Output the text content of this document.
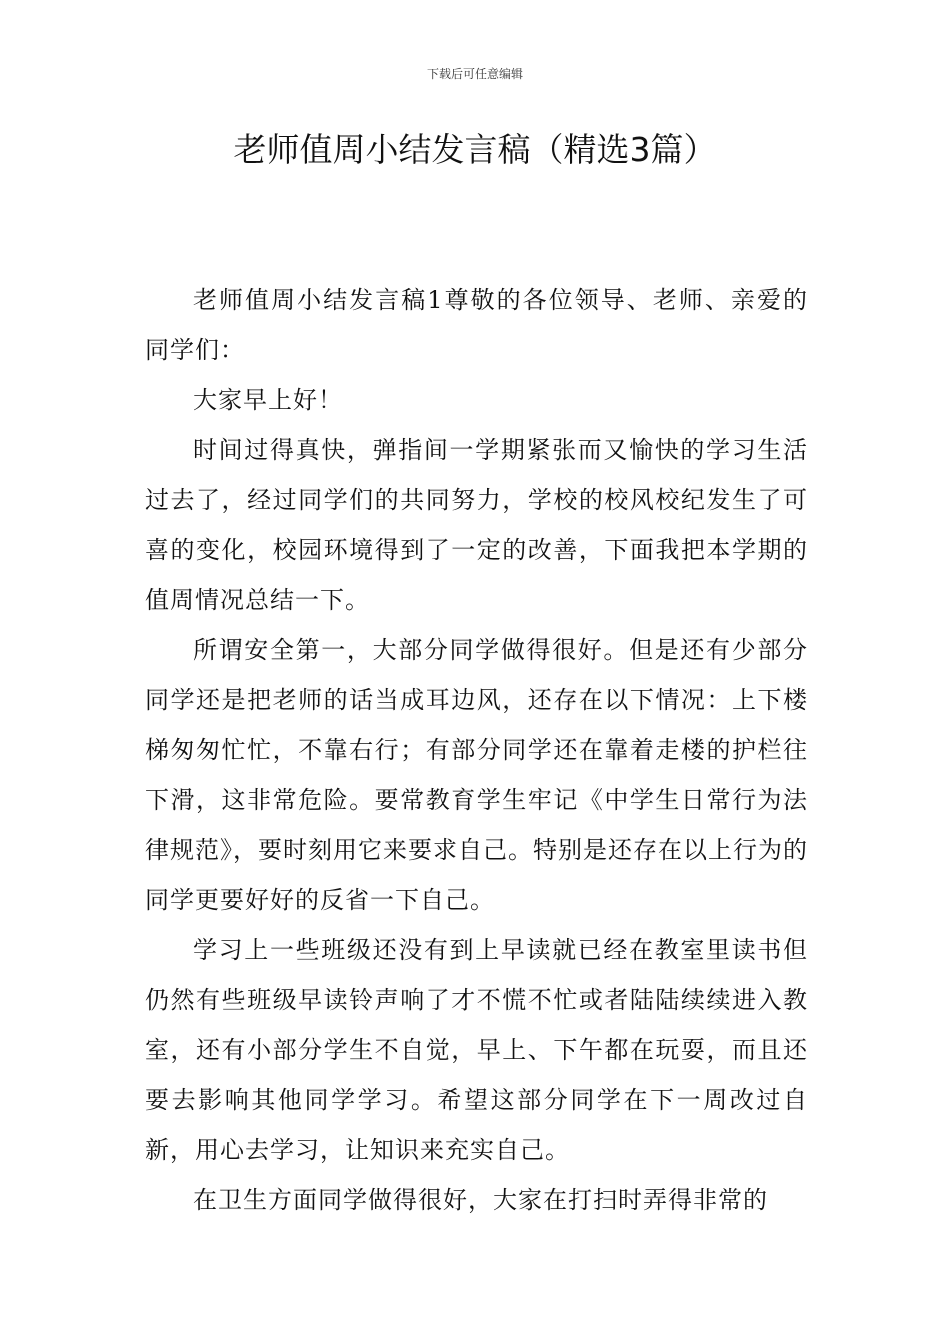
下载后可任意编辑
老师值周小结发言稿（精选3篇）

老师值周小结发言稿1尊敬的各位领导、老师、亲爱的同学们：

大家早上好！

时间过得真快，弹指间一学期紧张而又愉快的学习生活过去了，经过同学们的共同努力，学校的校风校纪发生了可喜的变化，校园环境得到了一定的改善，下面我把本学期的值周情况总结一下。

所谓安全第一，大部分同学做得很好。但是还有少部分同学还是把老师的话当成耳边风，还存在以下情况：上下楼梯匆匆忙忙，不靠右行；有部分同学还在靠着走楼的护栏往下滑，这非常危险。要常教育学生牢记《中学生日常行为法律规范》，要时刻用它来要求自己。特别是还存在以上行为的同学更要好好的反省一下自己。

学习上一些班级还没有到上早读就已经在教室里读书但仍然有些班级早读铃声响了才不慌不忙或者陆陆续续进入教室，还有小部分学生不自觉，早上、下午都在玩耍，而且还要去影响其他同学学习。希望这部分同学在下一周改过自新，用心去学习，让知识来充实自己。

在卫生方面同学做得很好，大家在打扫时弄得非常的
